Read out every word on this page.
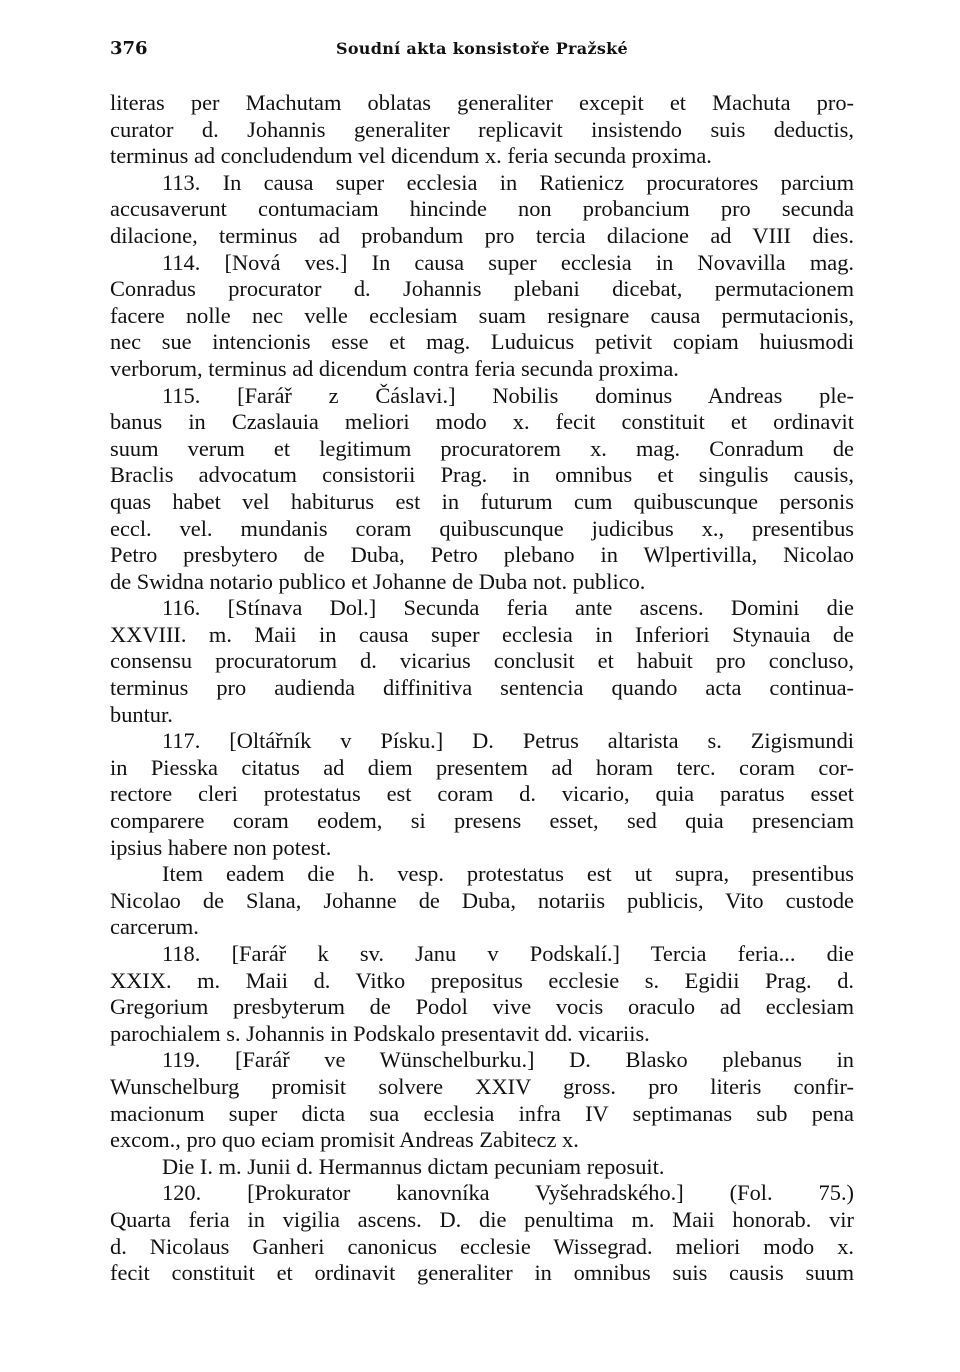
376	Soudní akta konsistoře Pražské
literas per Machutam oblatas generaliter excepit et Machuta pro-
curator d. Johannis generaliter replicavit insistendo suis deductis,
terminus ad concludendum vel dicendum x. feria secunda proxima.
113. In causa super ecclesia in Ratienicz procuratores parcium
accusaverunt contumaciam hincinde non probancium pro secunda
dilacione, terminus ad probandum pro tercia dilacione ad VIII dies.
114. [Nová ves.] In causa super ecclesia in Novavilla mag.
Conradus procurator d. Johannis plebani dicebat, permutacionem
facere nolle nec velle ecclesiam suam resignare causa permutacionis,
nec sue intencionis esse et mag. Luduicus petivit copiam huiusmodi
verborum, terminus ad dicendum contra feria secunda proxima.
115. [Farář z Čáslavi.] Nobilis dominus Andreas ple-
banus in Czaslauia meliori modo x. fecit constituit et ordinavit
suum verum et legitimum procuratorem x. mag. Conradum de
Braclis advocatum consistorii Prag. in omnibus et singulis causis,
quas habet vel habiturus est in futurum cum quibuscunque personis
eccl. vel. mundanis coram quibuscunque judicibus x., presentibus
Petro presbytero de Duba, Petro plebano in Wlpertivilla, Nicolao
de Swidna notario publico et Johanne de Duba not. publico.
116. [Stínava Dol.] Secunda feria ante ascens. Domini die
XXVIII. m. Maii in causa super ecclesia in Inferiori Stynauia de
consensu procuratorum d. vicarius conclusit et habuit pro concluso,
terminus pro audienda diffinitiva sentencia quando acta continua-
buntur.
117. [Oltářník v Písku.] D. Petrus altarista s. Zigismundi
in Piesska citatus ad diem presentem ad horam terc. coram cor-
rectore cleri protestatus est coram d. vicario, quia paratus esset
comparere coram eodem, si presens esset, sed quia presenciam
ipsius habere non potest.
Item eadem die h. vesp. protestatus est ut supra, presentibus
Nicolao de Slana, Johanne de Duba, notariis publicis, Vito custode
carcerum.
118. [Farář k sv. Janu v Podskalí.] Tercia feria... die
XXIX. m. Maii d. Vitko prepositus ecclesie s. Egidii Prag. d.
Gregorium presbyterum de Podol vive vocis oraculo ad ecclesiam
parochialem s. Johannis in Podskalo presentavit dd. vicariis.
119. [Farář ve Wünschelburku.] D. Blasko plebanus in
Wunschelburg promisit solvere XXIV gross. pro literis confir-
macionum super dicta sua ecclesia infra IV septimanas sub pena
excom., pro quo eciam promisit Andreas Zabitecz x.
Die I. m. Junii d. Hermannus dictam pecuniam reposuit.
120. [Prokurator kanovníka Vyšehradského.] (Fol. 75.)
Quarta feria in vigilia ascens. D. die penultima m. Maii honorab. vir
d. Nicolaus Ganheri canonicus ecclesie Wissegrad. meliori modo x.
fecit constituit et ordinavit generaliter in omnibus suis causis suum
